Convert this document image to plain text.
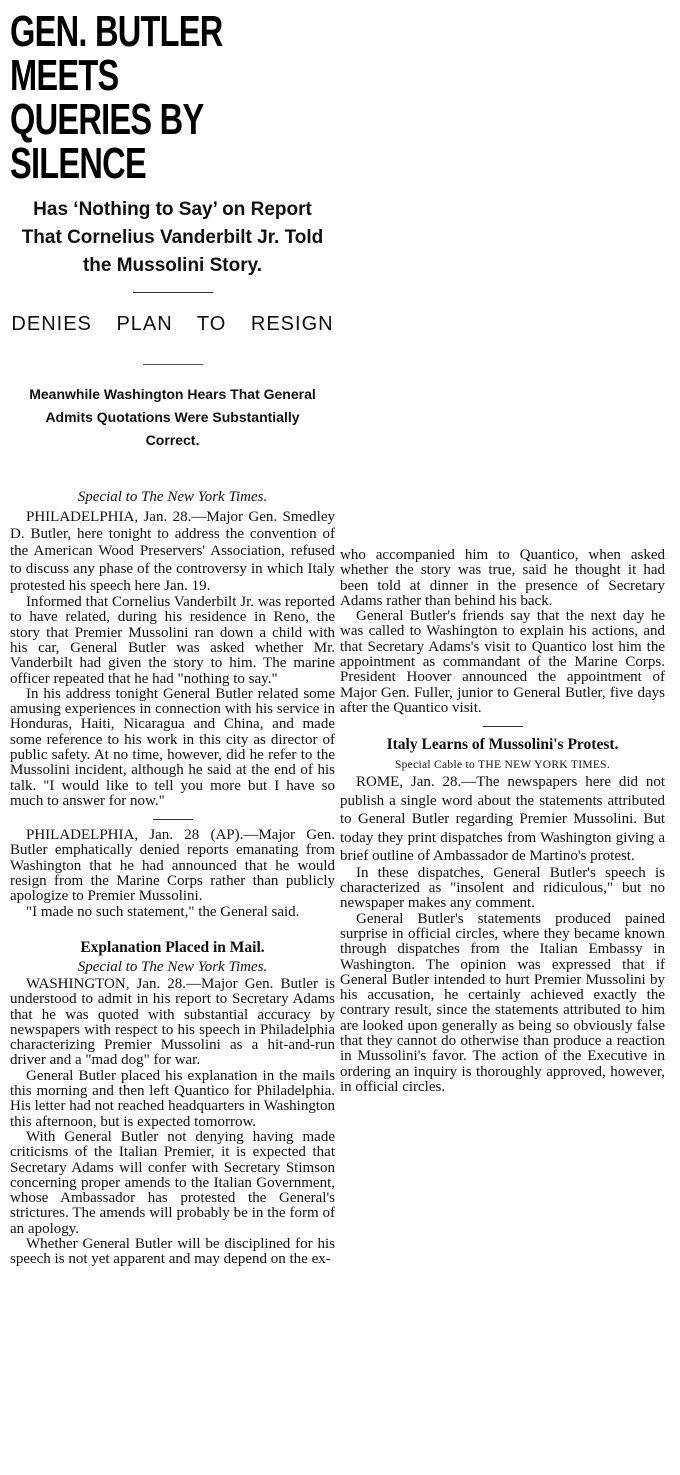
GEN. BUTLER MEETS
QUERIES BY SILENCE
Has ‘Nothing to Say’ on Report That Cornelius Vanderbilt Jr. Told the Mussolini Story.
DENIES PLAN TO RESIGN
Meanwhile Washington Hears That General Admits Quotations Were Substantially Correct.
Special to The New York Times.

PHILADELPHIA, Jan. 28.—Major Gen. Smedley D. Butler, here tonight to address the convention of the American Wood Preservers' Association, refused to discuss any phase of the controversy in which Italy protested his speech here Jan. 19.

Informed that Cornelius Vanderbilt Jr. was reported to have related, during his residence in Reno, the story that Premier Mussolini ran down a child with his car, General Butler was asked whether Mr. Vanderbilt had given the story to him. The marine officer repeated that he had "nothing to say."

In his address tonight General Butler related some amusing experiences in connection with his service in Honduras, Haiti, Nicaragua and China, and made some reference to his work in this city as director of public safety. At no time, however, did he refer to the Mussolini incident, although he said at the end of his talk. "I would like to tell you more but I have so much to answer for now."

PHILADELPHIA, Jan. 28 (AP).—Major Gen. Butler emphatically denied reports emanating from Washington that he had announced that he would resign from the Marine Corps rather than publicly apologize to Premier Mussolini.

"I made no such statement," the General said.

Explanation Placed in Mail.
Special to The New York Times.

WASHINGTON, Jan. 28.—Major Gen. Butler is understood to admit in his report to Secretary Adams that he was quoted with substantial accuracy by newspapers with respect to his speech in Philadelphia characterizing Premier Mussolini as a hit-and-run driver and a "mad dog" for war.

General Butler placed his explanation in the mails this morning and then left Quantico for Philadelphia. His letter had not reached headquarters in Washington this afternoon, but is expected tomorrow.

With General Butler not denying having made criticisms of the Italian Premier, it is expected that Secretary Adams will confer with Secretary Stimson concerning proper amends to the Italian Government, whose Ambassador has protested the General's strictures. The amends will probably be in the form of an apology.

Whether General Butler will be disciplined for his speech is not yet apparent and may depend on the ex-

who accompanied him to Quantico, when asked whether the story was true, said he thought it had been told at dinner in the presence of Secretary Adams rather than behind his back.

General Butler's friends say that the next day he was called to Washington to explain his actions, and that Secretary Adams's visit to Quantico lost him the appointment as commandant of the Marine Corps. President Hoover announced the appointment of Major Gen. Fuller, junior to General Butler, five days after the Quantico visit.

Italy Learns of Mussolini's Protest.
Special Cable to THE NEW YORK TIMES.

ROME, Jan. 28.—The newspapers here did not publish a single word about the statements attributed to General Butler regarding Premier Mussolini. But today they print dispatches from Washington giving a brief outline of Ambassador de Martino's protest.

In these dispatches, General Butler's speech is characterized as "insolent and ridiculous," but no newspaper makes any comment.

General Butler's statements produced pained surprise in official circles, where they became known through dispatches from the Italian Embassy in Washington. The opinion was expressed that if General Butler intended to hurt Premier Mussolini by his accusation, he certainly achieved exactly the contrary result, since the statements attributed to him are looked upon generally as being so obviously false that they cannot do otherwise than produce a reaction in Mussolini's favor. The action of the Executive in ordering an inquiry is thoroughly approved, however, in official circles.
